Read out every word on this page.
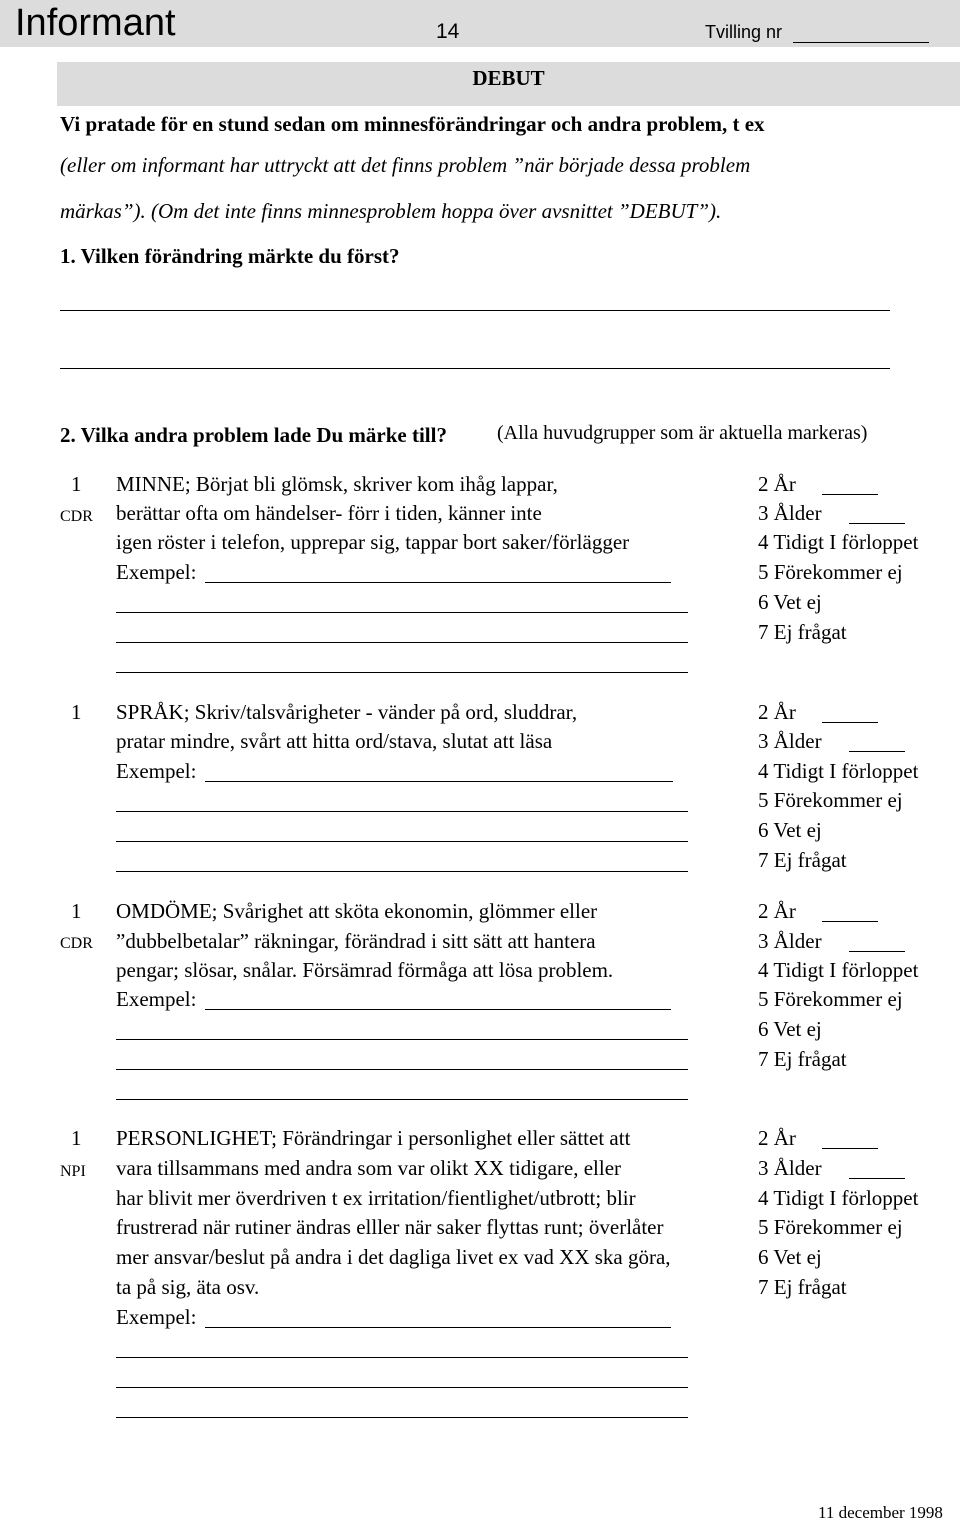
Informant	14	Tvilling nr
DEBUT
Vi pratade för en stund sedan om minnesförändringar och andra problem, t ex
(eller om informant har uttryckt att det finns problem ”när började dessa problem
märkas”). (Om det inte finns minnesproblem hoppa över avsnittet ”DEBUT”).
1. Vilken förändring märkte du först?
2. Vilka andra problem lade Du märke till?	(Alla huvudgrupper som är aktuella markeras)
1
CDR
MINNE; Börjat bli glömsk, skriver kom ihåg lappar,
berättar ofta om händelser- förr i tiden, känner inte
igen röster i telefon, upprepar sig, tappar bort saker/förlägger
Exempel:
2 År
3 Ålder
4 Tidigt I förloppet
5 Förekommer ej
6 Vet ej
7 Ej frågat
1 SPRÅK; Skriv/talsvårigheter - vänder på ord, sluddrar,
pratar mindre, svårt att hitta ord/stava, slutat att läsa
Exempel:
2 År
3 Ålder
4 Tidigt I förloppet
5 Förekommer ej
6 Vet ej
7 Ej frågat
1
CDR
OMDÖME; Svårighet att sköta ekonomin, glömmer eller
”dubbelbetalar” räkningar, förändrad i sitt sätt att hantera
pengar; slösar, snålar. Försämrad förmåga att lösa problem.
Exempel:
2 År
3 Ålder
4 Tidigt I förloppet
5 Förekommer ej
6 Vet ej
7 Ej frågat
1
NPI
PERSONLIGHET; Förändringar i personlighet eller sättet att
vara tillsammans med andra som var olikt XX tidigare, eller
har blivit mer överdriven t ex irritation/fientlighet/utbrott; blir
frustrerad när rutiner ändras elller när saker flyttas runt; överlåter
mer ansvar/beslut på andra i det dagliga livet ex vad XX ska göra,
ta på sig, äta osv.
Exempel:
2 År
3 Ålder
4 Tidigt I förloppet
5 Förekommer ej
6 Vet ej
7 Ej frågat
11 december 1998
